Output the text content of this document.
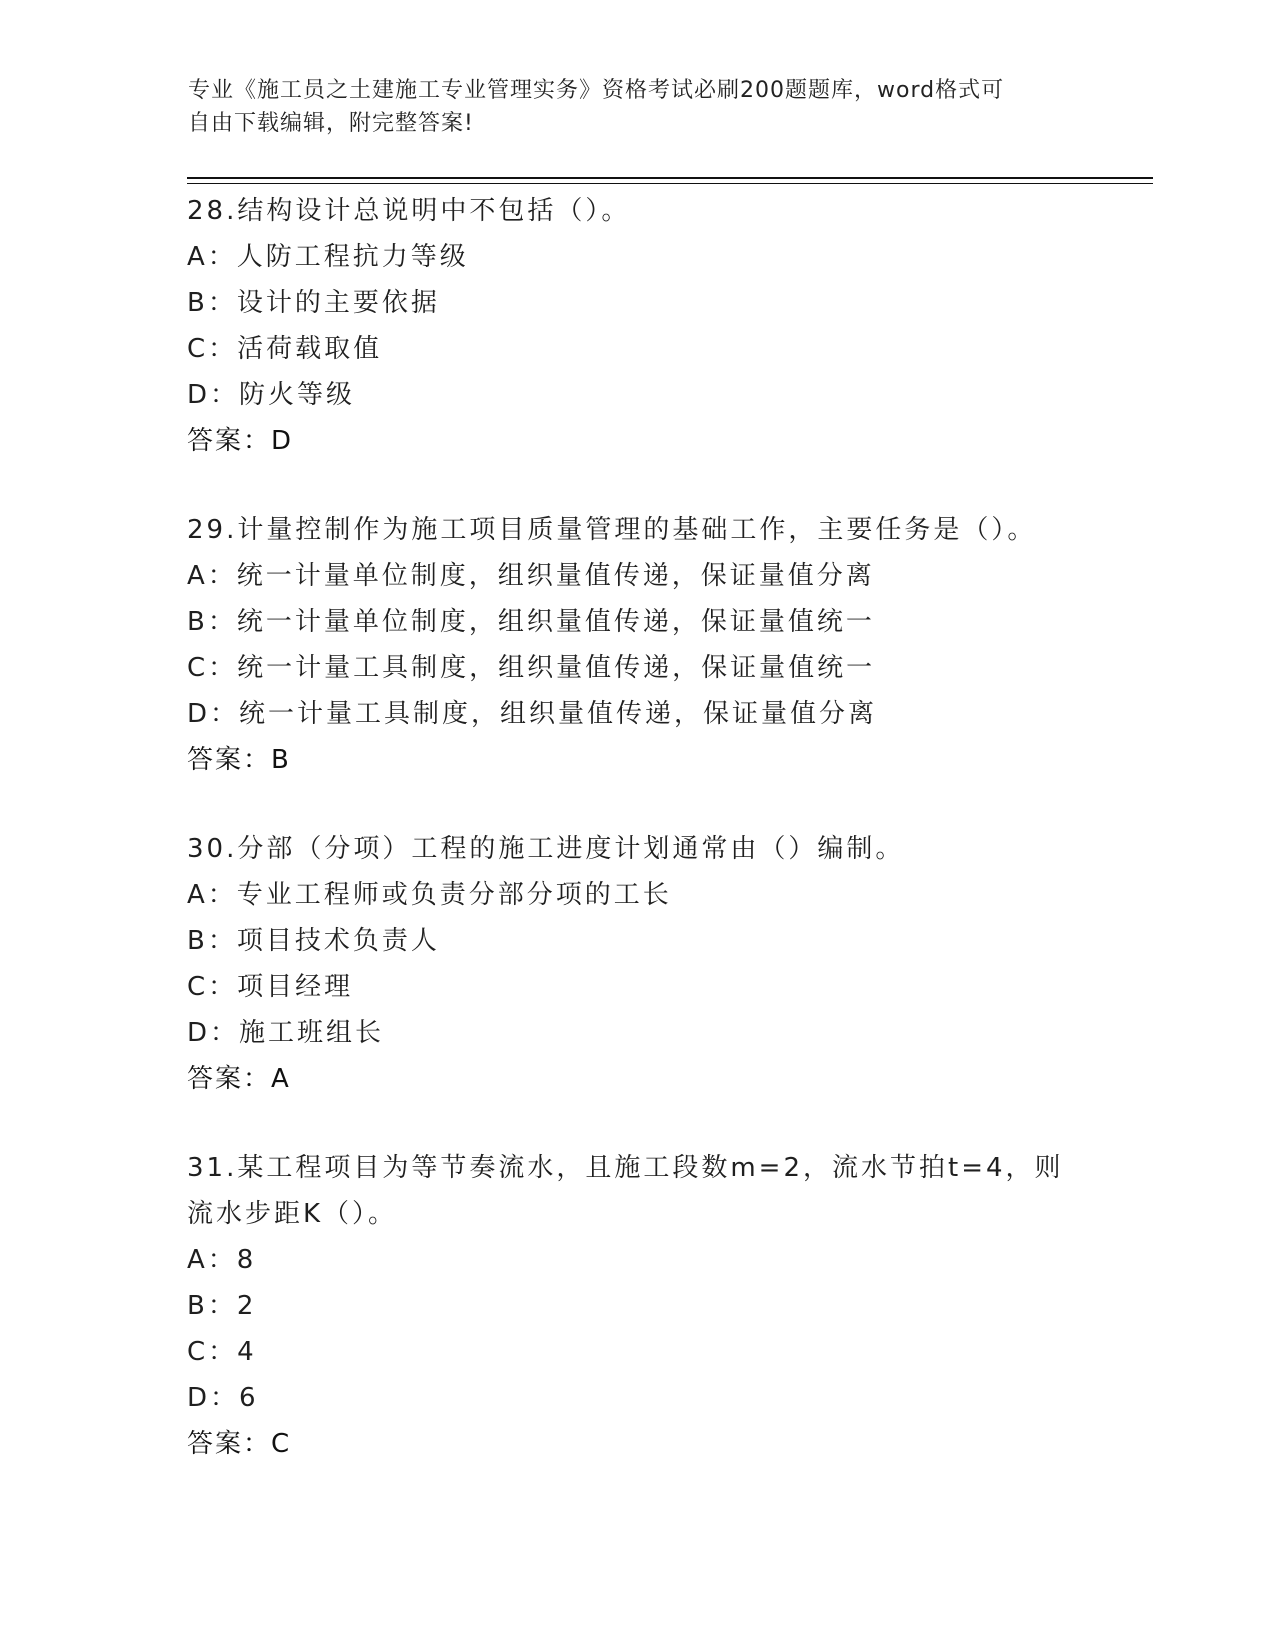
专业《施工员之土建施工专业管理实务》资格考试必刷200题题库，word格式可
自由下载编辑，附完整答案!
28.结构设计总说明中不包括（）。
A：人防工程抗力等级
B：设计的主要依据
C：活荷载取值
D：防火等级
答案：D
29.计量控制作为施工项目质量管理的基础工作，主要任务是（）。
A：统一计量单位制度，组织量值传递，保证量值分离
B：统一计量单位制度，组织量值传递，保证量值统一
C：统一计量工具制度，组织量值传递，保证量值统一
D：统一计量工具制度，组织量值传递，保证量值分离
答案：B
30.分部（分项）工程的施工进度计划通常由（）编制。
A：专业工程师或负责分部分项的工长
B：项目技术负责人
C：项目经理
D：施工班组长
答案：A
31.某工程项目为等节奏流水，且施工段数m=2，流水节拍t=4，则流水步距K（）。
A：8
B：2
C：4
D：6
答案：C
